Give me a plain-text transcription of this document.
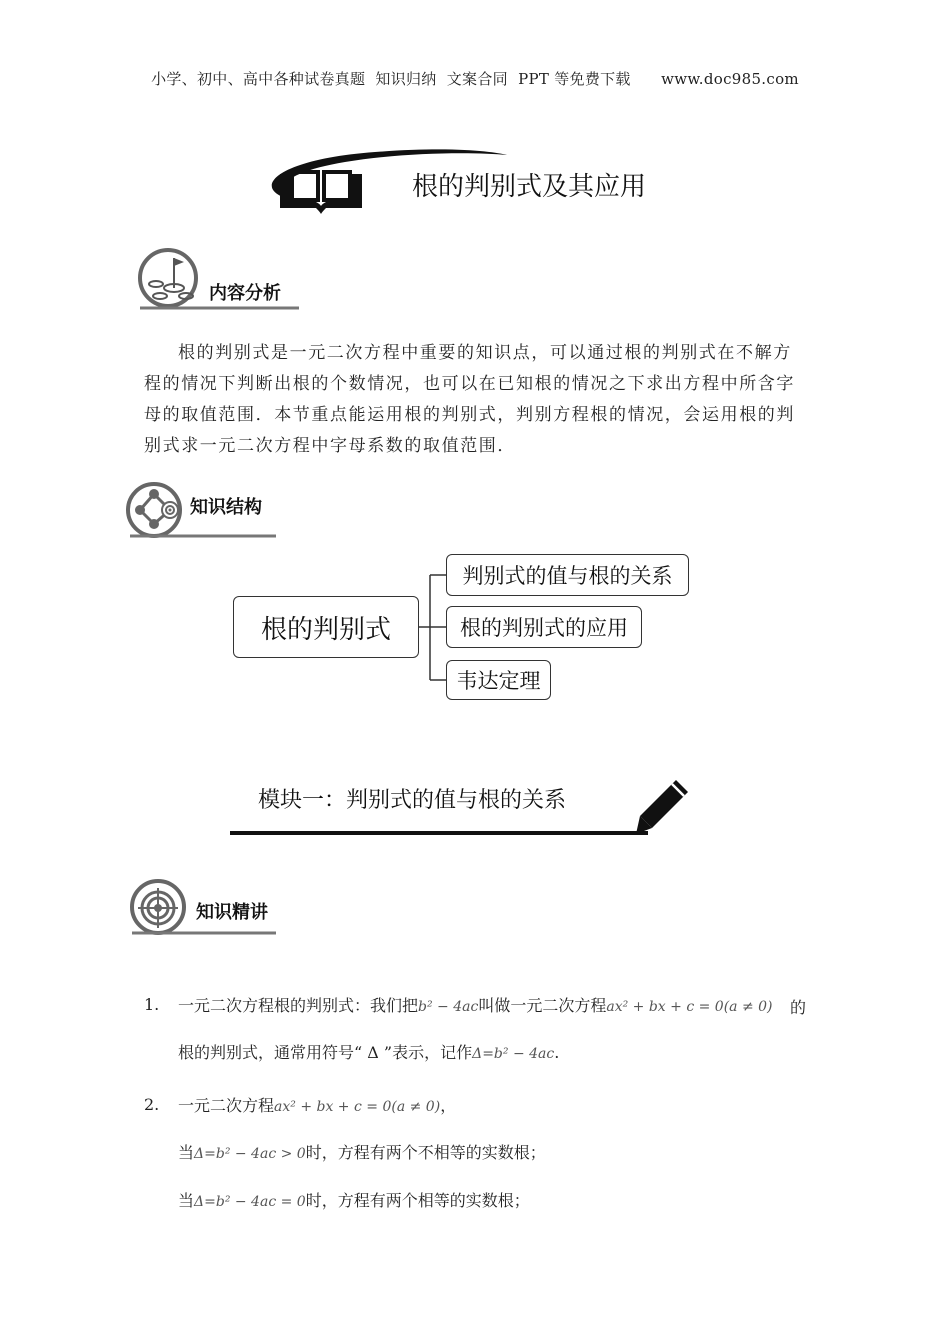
小学、初中、高中各种试卷真题  知识归纳  文案合同  PPT 等免费下载      www.doc985.com
根的判别式及其应用
内容分析

根的判别式是一元二次方程中重要的知识点，可以通过根的判别式在不解方程的情况下判断出根的个数情况，也可以在已知根的情况之下求出方程中所含字母的取值范围．本节重点能运用根的判别式，判别方程根的情况，会运用根的判别式求一元二次方程中字母系数的取值范围．

知识结构
根的判别式
判别式的值与根的关系
根的判别式的应用
韦达定理
模块一：判别式的值与根的关系
知识精讲
1. 一元二次方程根的判别式：我们把b² − 4ac叫做一元二次方程ax² + bx + c = 0(a ≠ 0) 的
根的判别式，通常用符号“ Δ ”表示，记作Δ=b² − 4ac.
2. 一元二次方程ax² + bx + c = 0(a ≠ 0)，
当Δ=b² − 4ac > 0时，方程有两个不相等的实数根；
当Δ=b² − 4ac = 0时，方程有两个相等的实数根；
